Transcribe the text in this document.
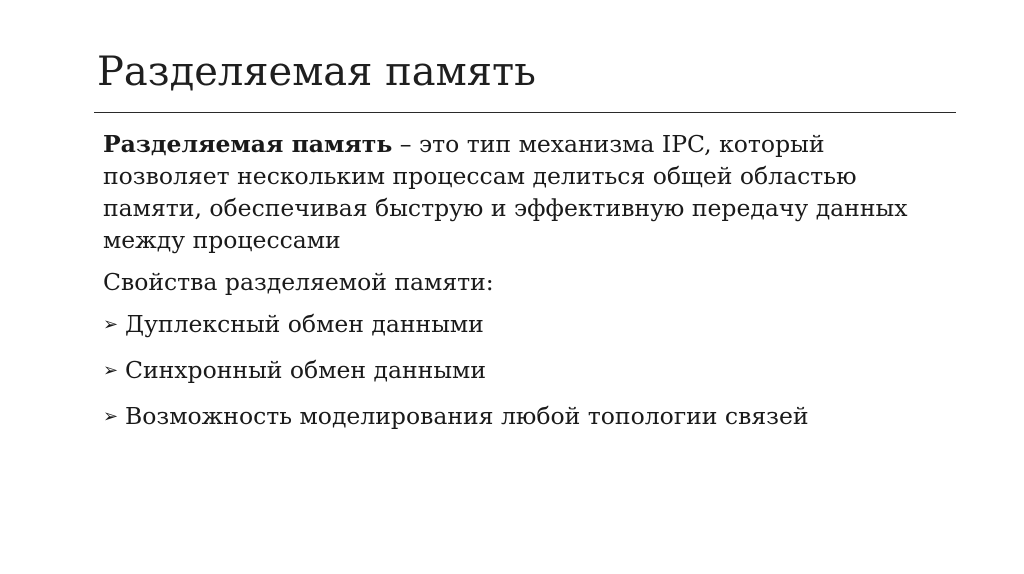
Разделяемая память

Разделяемая память – это тип механизма IPC, который позволяет нескольким процессам делиться общей областью памяти, обеспечивая быструю и эффективную передачу данных между процессами

Свойства разделяемой памяти:

➢ Дуплексный обмен данными
➢ Синхронный обмен данными
➢ Возможность моделирования любой топологии связей
